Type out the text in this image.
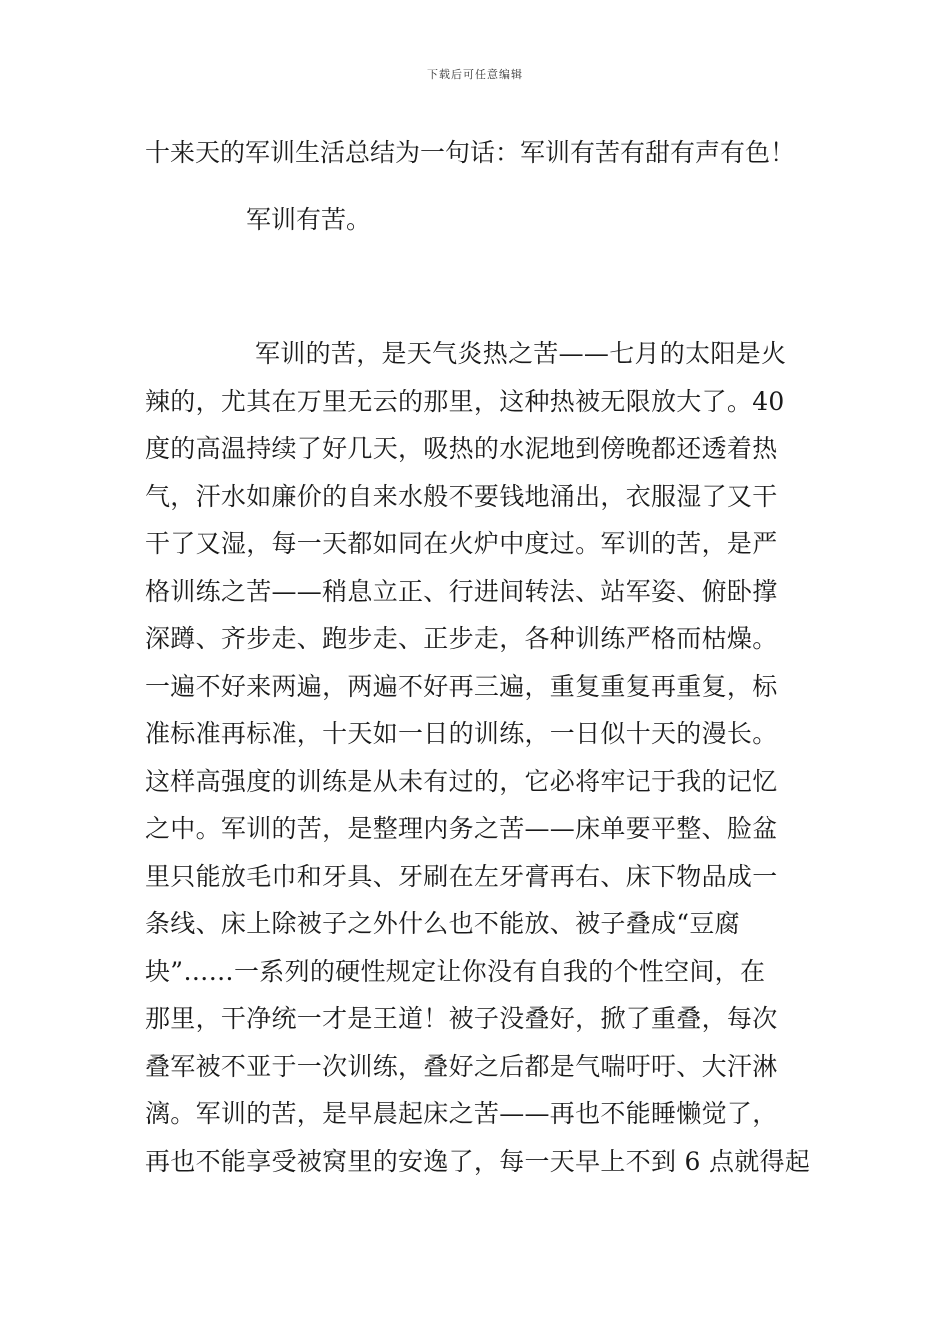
下载后可任意编辑
十来天的军训生活总结为一句话：军训有苦有甜有声有色！
军训有苦。
军训的苦，是天气炎热之苦——七月的太阳是火
辣的，尤其在万里无云的那里，这种热被无限放大了。40
度的高温持续了好几天，吸热的水泥地到傍晚都还透着热
气，汗水如廉价的自来水般不要钱地涌出，衣服湿了又干
干了又湿，每一天都如同在火炉中度过。军训的苦，是严
格训练之苦——稍息立正、行进间转法、站军姿、俯卧撑
深蹲、齐步走、跑步走、正步走，各种训练严格而枯燥。
一遍不好来两遍，两遍不好再三遍，重复重复再重复，标
准标准再标准，十天如一日的训练，一日似十天的漫长。
这样高强度的训练是从未有过的，它必将牢记于我的记忆
之中。军训的苦，是整理内务之苦——床单要平整、脸盆
里只能放毛巾和牙具、牙刷在左牙膏再右、床下物品成一
条线、床上除被子之外什么也不能放、被子叠成“豆腐
块”……一系列的硬性规定让你没有自我的个性空间，在
那里，干净统一才是王道！被子没叠好，掀了重叠，每次
叠军被不亚于一次训练，叠好之后都是气喘吁吁、大汗淋
漓。军训的苦，是早晨起床之苦——再也不能睡懒觉了，
再也不能享受被窝里的安逸了，每一天早上不到 6 点就得起
